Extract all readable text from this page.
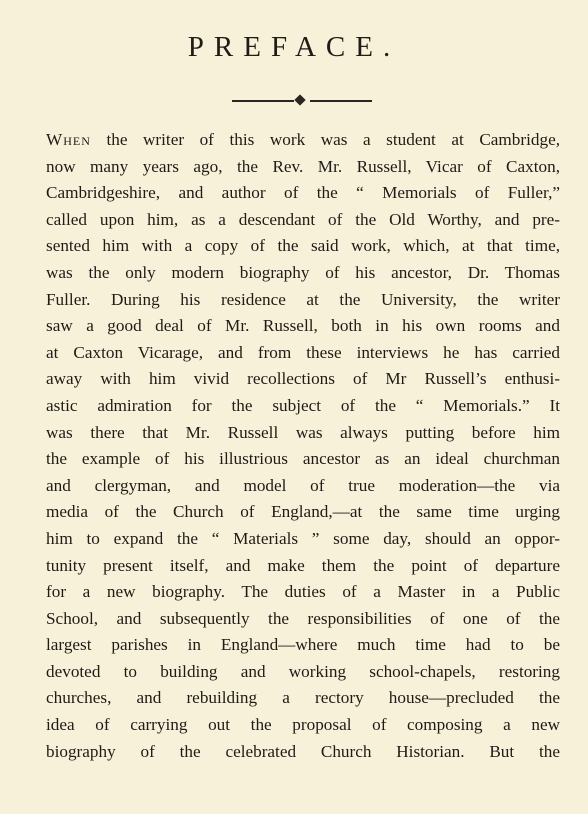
PREFACE.
When the writer of this work was a student at Cambridge,
now many years ago, the Rev. Mr. Russell, Vicar of Caxton,
Cambridgeshire, and author of the “ Memorials of Fuller,”
called upon him, as a descendant of the Old Worthy, and pre-
sented him with a copy of the said work, which, at that time,
was the only modern biography of his ancestor, Dr. Thomas
Fuller. During his residence at the University, the writer
saw a good deal of Mr. Russell, both in his own rooms and
at Caxton Vicarage, and from these interviews he has carried
away with him vivid recollections of Mr Russell’s enthusi-
astic admiration for the subject of the “ Memorials.” It
was there that Mr. Russell was always putting before him
the example of his illustrious ancestor as an ideal churchman
and clergyman, and model of true moderation—the via
media of the Church of England,—at the same time urging
him to expand the “ Materials ” some day, should an oppor-
tunity present itself, and make them the point of departure
for a new biography. The duties of a Master in a Public
School, and subsequently the responsibilities of one of the
largest parishes in England—where much time had to be
devoted to building and working school-chapels, restoring
churches, and rebuilding a rectory house—precluded the
idea of carrying out the proposal of composing a new
biography of the celebrated Church Historian. But the
